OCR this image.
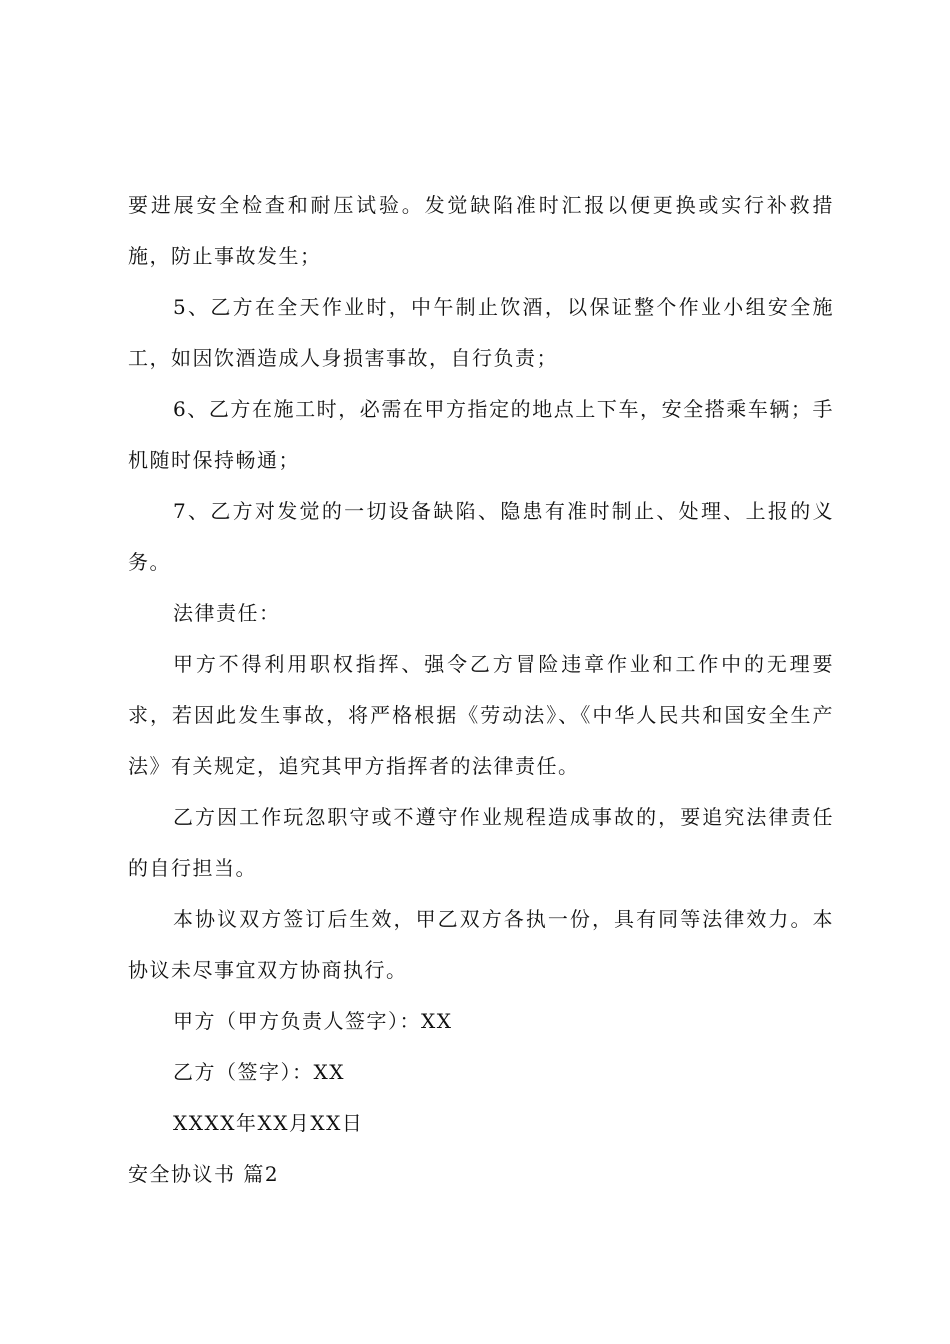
要进展安全检查和耐压试验。发觉缺陷准时汇报以便更换或实行补救措施，防止事故发生；

5、乙方在全天作业时，中午制止饮酒，以保证整个作业小组安全施工，如因饮酒造成人身损害事故，自行负责；

6、乙方在施工时，必需在甲方指定的地点上下车，安全搭乘车辆；手机随时保持畅通；

7、乙方对发觉的一切设备缺陷、隐患有准时制止、处理、上报的义务。

法律责任：

甲方不得利用职权指挥、强令乙方冒险违章作业和工作中的无理要求，若因此发生事故，将严格根据《劳动法》、《中华人民共和国安全生产法》有关规定，追究其甲方指挥者的法律责任。

乙方因工作玩忽职守或不遵守作业规程造成事故的，要追究法律责任的自行担当。

本协议双方签订后生效，甲乙双方各执一份，具有同等法律效力。本协议未尽事宜双方协商执行。

甲方（甲方负责人签字）：XX

乙方（签字）：XX

XXXX年XX月XX日

安全协议书 篇2
